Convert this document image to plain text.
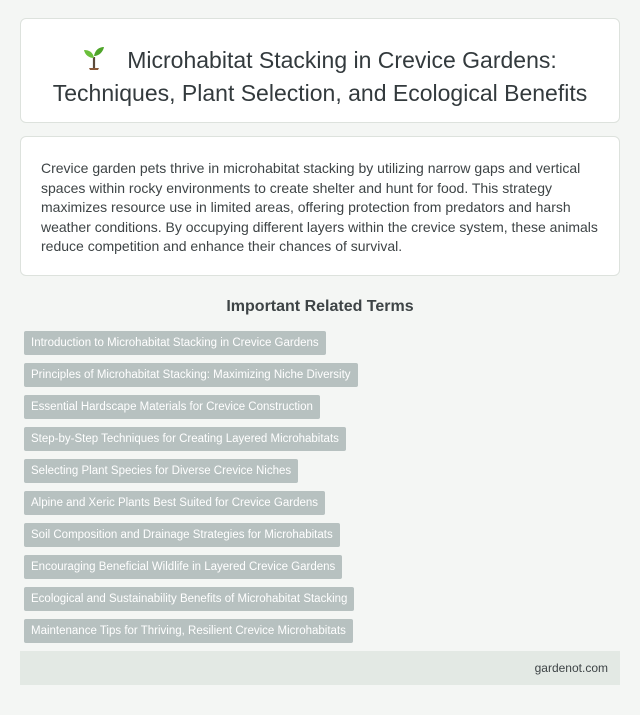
Microhabitat Stacking in Crevice Gardens: Techniques, Plant Selection, and Ecological Benefits

Crevice garden pets thrive in microhabitat stacking by utilizing narrow gaps and vertical spaces within rocky environments to create shelter and hunt for food. This strategy maximizes resource use in limited areas, offering protection from predators and harsh weather conditions. By occupying different layers within the crevice system, these animals reduce competition and enhance their chances of survival.

Important Related Terms
Introduction to Microhabitat Stacking in Crevice Gardens
Principles of Microhabitat Stacking: Maximizing Niche Diversity
Essential Hardscape Materials for Crevice Construction
Step-by-Step Techniques for Creating Layered Microhabitats
Selecting Plant Species for Diverse Crevice Niches
Alpine and Xeric Plants Best Suited for Crevice Gardens
Soil Composition and Drainage Strategies for Microhabitats
Encouraging Beneficial Wildlife in Layered Crevice Gardens
Ecological and Sustainability Benefits of Microhabitat Stacking
Maintenance Tips for Thriving, Resilient Crevice Microhabitats
gardenot.com
